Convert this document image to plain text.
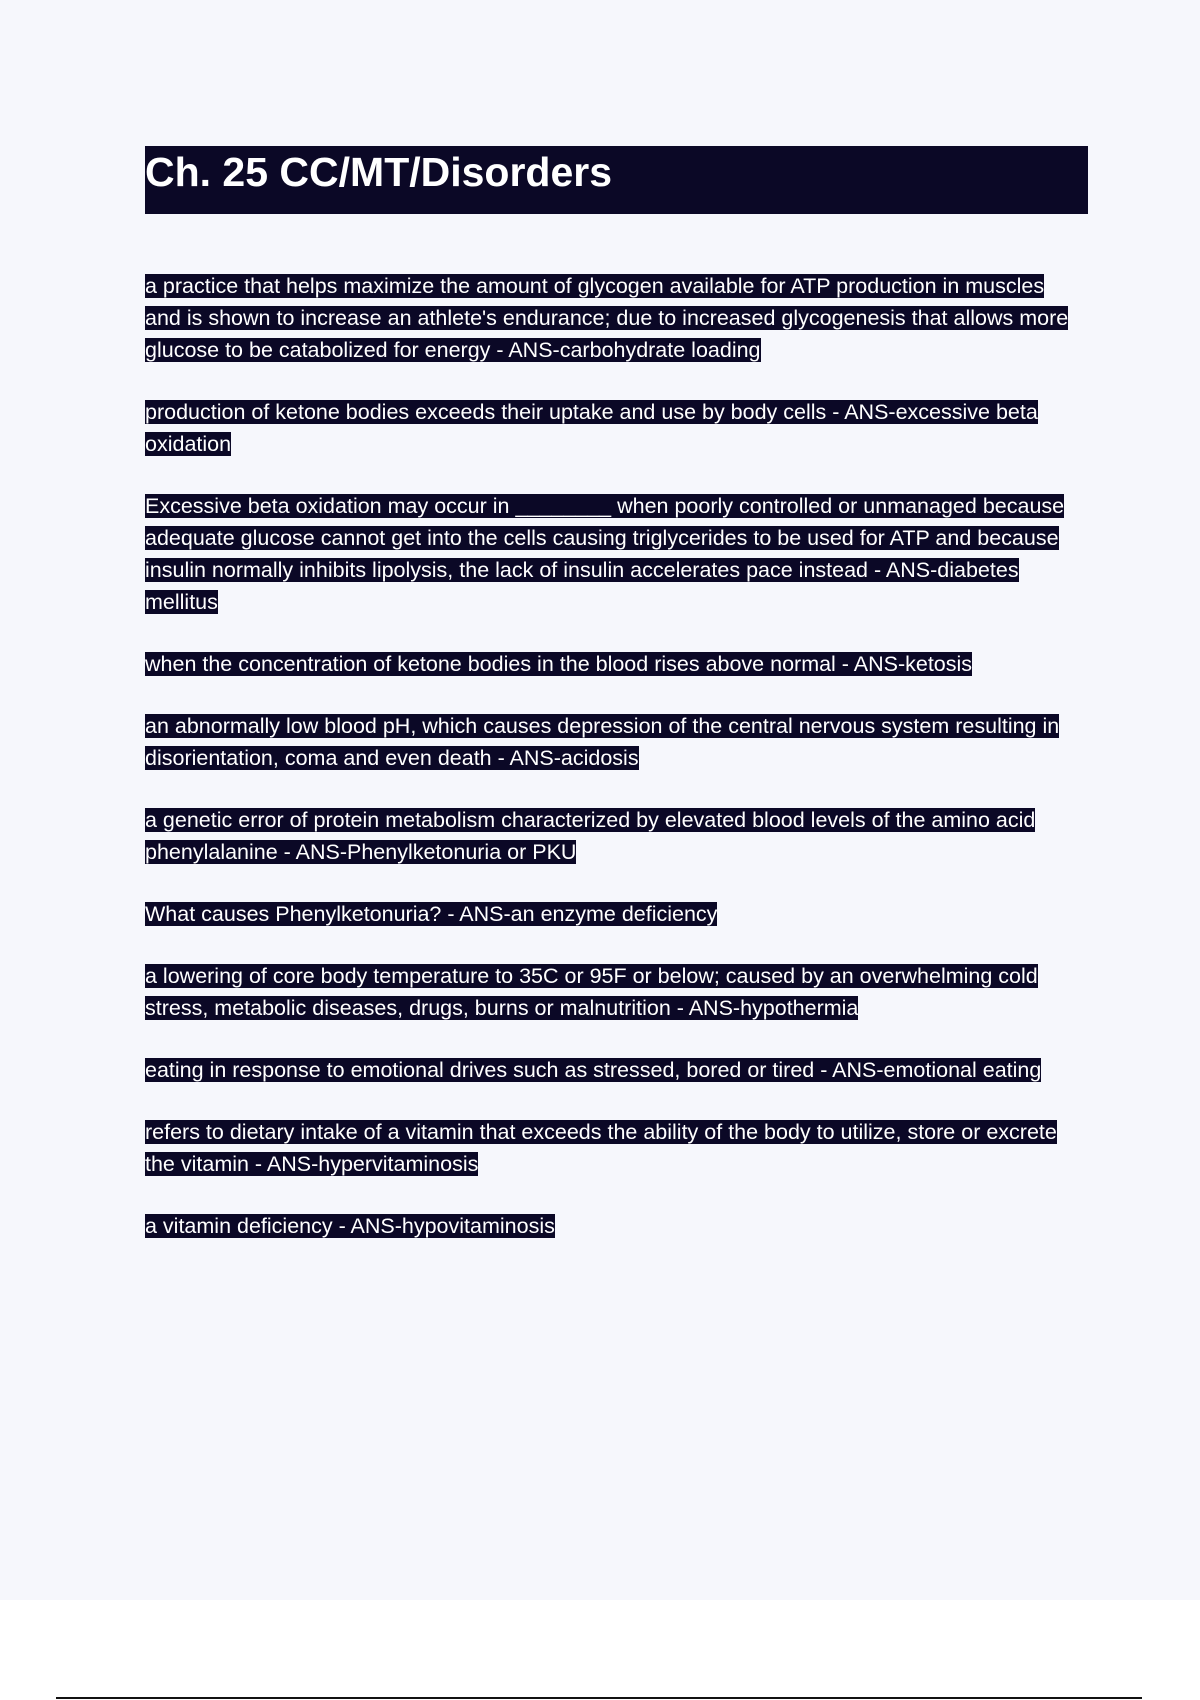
Ch. 25 CC/MT/Disorders

a practice that helps maximize the amount of glycogen available for ATP production in muscles and is shown to increase an athlete's endurance; due to increased glycogenesis that allows more glucose to be catabolized for energy - ANS-carbohydrate loading

production of ketone bodies exceeds their uptake and use by body cells - ANS-excessive beta oxidation

Excessive beta oxidation may occur in ________ when poorly controlled or unmanaged because adequate glucose cannot get into the cells causing triglycerides to be used for ATP and because insulin normally inhibits lipolysis, the lack of insulin accelerates pace instead - ANS-diabetes mellitus

when the concentration of ketone bodies in the blood rises above normal - ANS-ketosis

an abnormally low blood pH, which causes depression of the central nervous system resulting in disorientation, coma and even death - ANS-acidosis

a genetic error of protein metabolism characterized by elevated blood levels of the amino acid phenylalanine - ANS-Phenylketonuria or PKU

What causes Phenylketonuria? - ANS-an enzyme deficiency

a lowering of core body temperature to 35C or 95F or below; caused by an overwhelming cold stress, metabolic diseases, drugs, burns or malnutrition - ANS-hypothermia

eating in response to emotional drives such as stressed, bored or tired - ANS-emotional eating

refers to dietary intake of a vitamin that exceeds the ability of the body to utilize, store or excrete the vitamin - ANS-hypervitaminosis

a vitamin deficiency - ANS-hypovitaminosis
